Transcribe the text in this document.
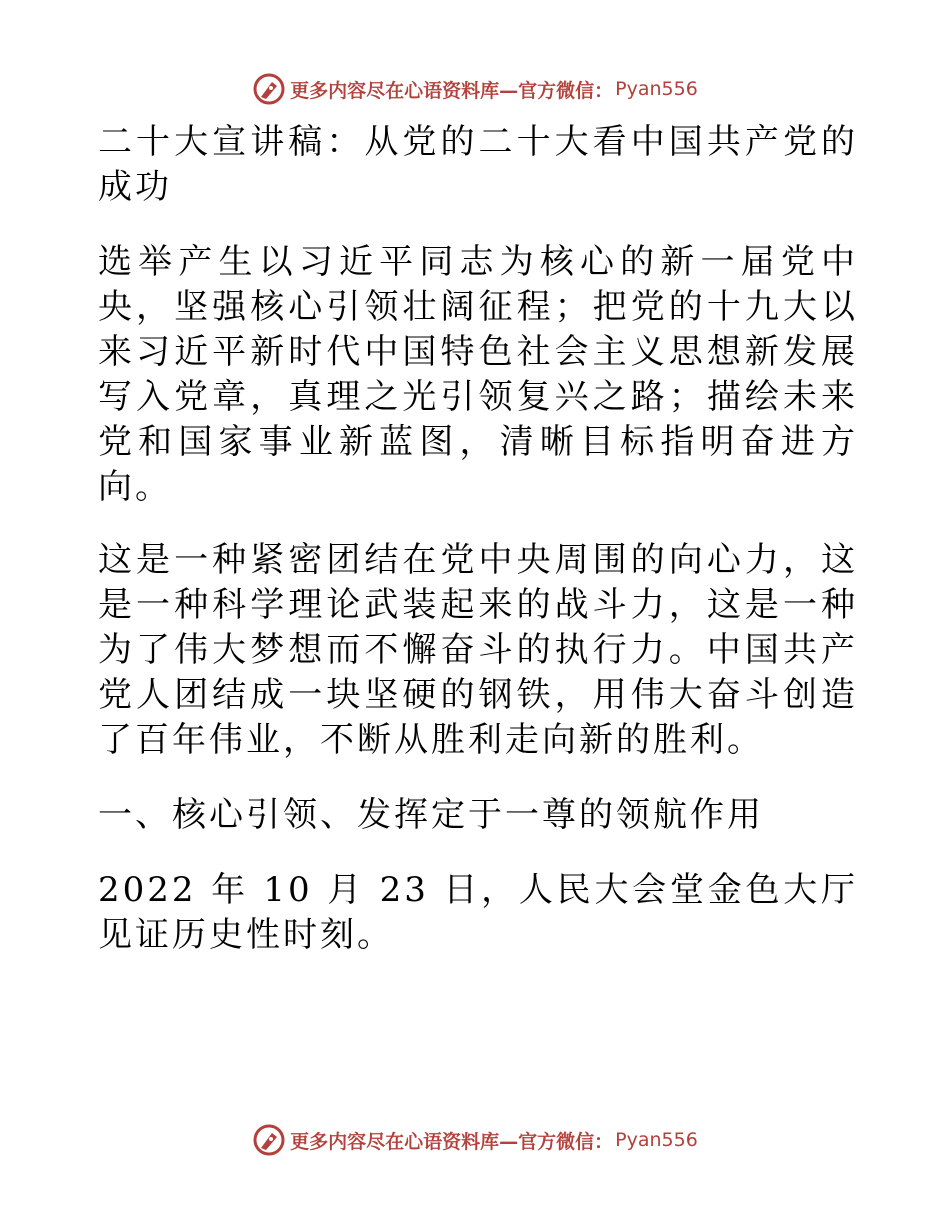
更多内容尽在心语资料库—官方微信： Pyan556

二十大宣讲稿：从党的二十大看中国共产党的成功

选举产生以习近平同志为核心的新一届党中央，坚强核心引领壮阔征程；把党的十九大以来习近平新时代中国特色社会主义思想新发展写入党章，真理之光引领复兴之路；描绘未来党和国家事业新蓝图，清晰目标指明奋进方向。

这是一种紧密团结在党中央周围的向心力，这是一种科学理论武装起来的战斗力，这是一种为了伟大梦想而不懈奋斗的执行力。中国共产党人团结成一块坚硬的钢铁，用伟大奋斗创造了百年伟业，不断从胜利走向新的胜利。

一、核心引领、发挥定于一尊的领航作用

2022 年 10 月 23 日，人民大会堂金色大厅见证历史性时刻。

更多内容尽在心语资料库—官方微信： Pyan556
